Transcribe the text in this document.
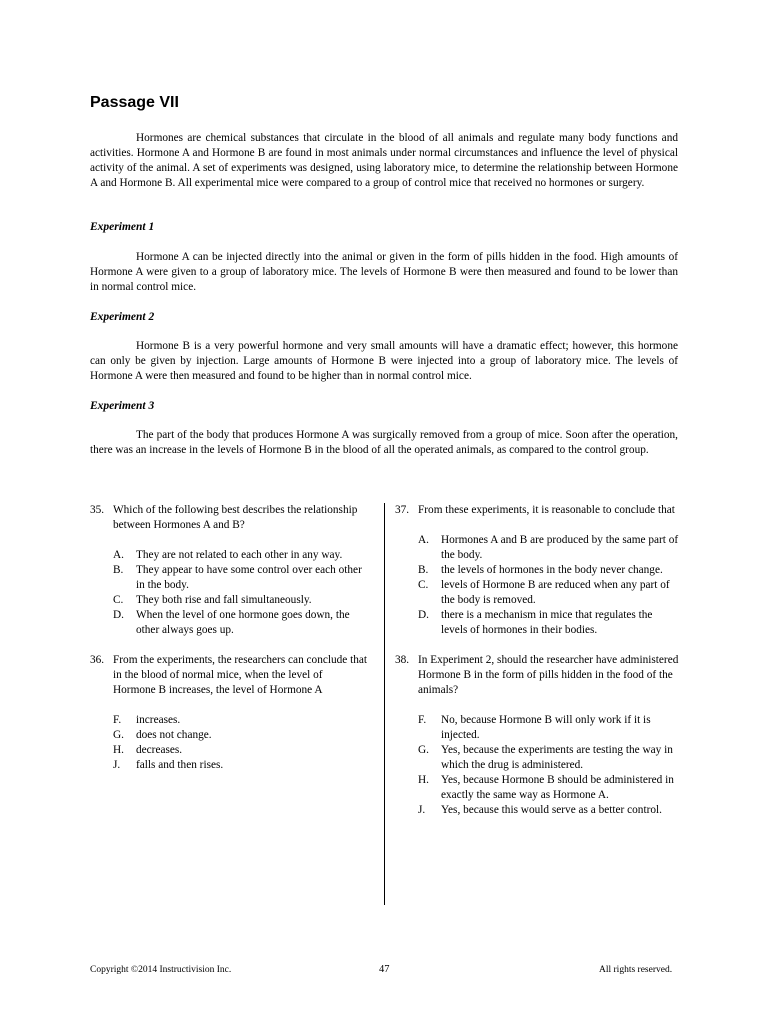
Passage VII

Hormones are chemical substances that circulate in the blood of all animals and regulate many body functions and activities. Hormone A and Hormone B are found in most animals under normal circumstances and influence the level of physical activity of the animal. A set of experiments was designed, using laboratory mice, to determine the relationship between Hormone A and Hormone B. All experimental mice were compared to a group of control mice that received no hormones or surgery.

Experiment 1

Hormone A can be injected directly into the animal or given in the form of pills hidden in the food. High amounts of Hormone A were given to a group of laboratory mice. The levels of Hormone B were then measured and found to be lower than in normal control mice.

Experiment 2

Hormone B is a very powerful hormone and very small amounts will have a dramatic effect; however, this hormone can only be given by injection. Large amounts of Hormone B were injected into a group of laboratory mice. The levels of Hormone A were then measured and found to be higher than in normal control mice.

Experiment 3

The part of the body that produces Hormone A was surgically removed from a group of mice. Soon after the operation, there was an increase in the levels of Hormone B in the blood of all the operated animals, as compared to the control group.

35. Which of the following best describes the relationship between Hormones A and B?
A. They are not related to each other in any way.
B. They appear to have some control over each other in the body.
C. They both rise and fall simultaneously.
D. When the level of one hormone goes down, the other always goes up.
36. From the experiments, the researchers can conclude that in the blood of normal mice, when the level of Hormone B increases, the level of Hormone A
F. increases.
G. does not change.
H. decreases.
J. falls and then rises.
37. From these experiments, it is reasonable to conclude that
A. Hormones A and B are produced by the same part of the body.
B. the levels of hormones in the body never change.
C. levels of Hormone B are reduced when any part of the body is removed.
D. there is a mechanism in mice that regulates the levels of hormones in their bodies.
38. In Experiment 2, should the researcher have administered Hormone B in the form of pills hidden in the food of the animals?
F. No, because Hormone B will only work if it is injected.
G. Yes, because the experiments are testing the way in which the drug is administered.
H. Yes, because Hormone B should be administered in exactly the same way as Hormone A.
J. Yes, because this would serve as a better control.
Copyright ©2014 Instructivision Inc.	47	All rights reserved.
